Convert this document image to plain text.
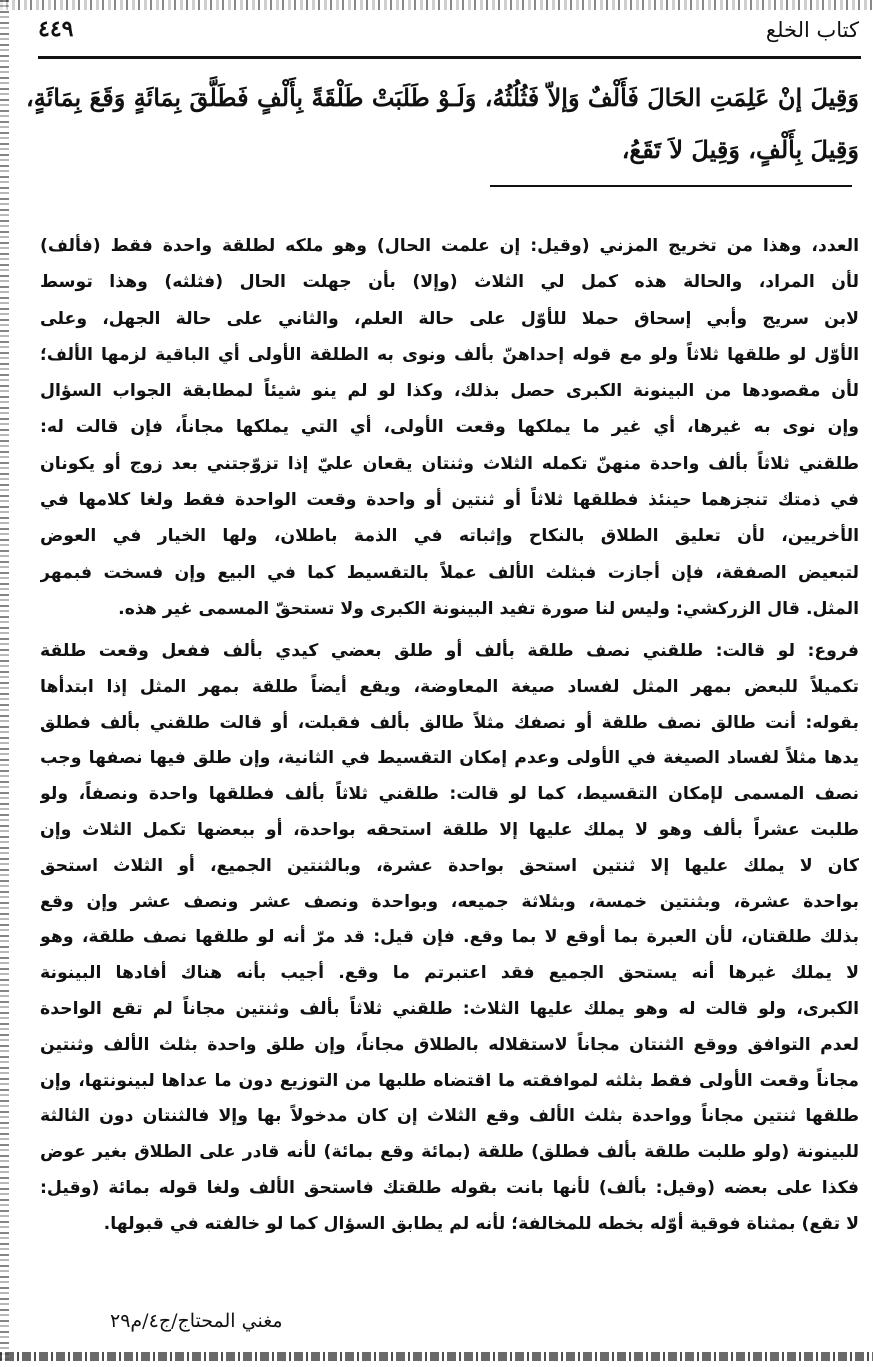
كتاب الخلع
٤٤٩
وَقِيلَ إنْ عَلِمَتِ الحَالَ فَأَلْفٌ وَإلاّ فَثُلُثُهُ، وَلَـوْ طَلَبَتْ طَلْقَةً بِأَلْفٍ فَطَلَّقَ بِمَائَةٍ وَقَعَ بِمَائَةٍ،
وَقِيلَ بِأَلْفٍ، وَقِيلَ لاَ تَقَعُ،
العدد، وهذا من تخريج المزني (وقيل: إن علمت الحال) وهو ملكه لطلقة واحدة فقط (فألف)
لأن المراد، والحالة هذه كمل لي الثلاث (وإلا) بأن جهلت الحال (فثلثه) وهذا توسط
لابن سريج وأبي إسحاق حملا للأوّل على حالة العلم، والثاني على حالة الجهل، وعلى
الأوّل لو طلقها ثلاثاً ولو مع قوله إحداهنّ بألف ونوى به الطلقة الأولى أي الباقية لزمها الألف؛
لأن مقصودها من البينونة الكبرى حصل بذلك، وكذا لو لم ينو شيئاً لمطابقة الجواب السؤال
وإن نوى به غيرها، أي غير ما يملكها وقعت الأولى، أي التي يملكها مجاناً، فإن قالت له:
طلقني ثلاثاً بألف واحدة منهنّ تكمله الثلاث وثنتان يقعان عليّ إذا تزوّجتني بعد زوج أو يكونان
في ذمتك تنجزهما حينئذ فطلقها ثلاثاً أو ثنتين أو واحدة وقعت الواحدة فقط ولغا كلامها في
الأخريين، لأن تعليق الطلاق بالنكاح وإثباته في الذمة باطلان، ولها الخيار في العوض
لتبعيض الصفقة، فإن أجازت فبثلث الألف عملاً بالتقسيط كما في البيع وإن فسخت فبمهر
المثل. قال الزركشي: وليس لنا صورة تفيد البينونة الكبرى ولا تستحقّ المسمى غير هذه.
فروع: لو قالت: طلقني نصف طلقة بألف أو طلق بعضي كيدي بألف ففعل وقعت طلقة
تكميلاً للبعض بمهر المثل لفساد صيغة المعاوضة، ويقع أيضاً طلقة بمهر المثل إذا ابتدأها
بقوله: أنت طالق نصف طلقة أو نصفك مثلاً طالق بألف فقبلت، أو قالت طلقني بألف فطلق
يدها مثلاً لفساد الصيغة في الأولى وعدم إمكان التقسيط في الثانية، وإن طلق فيها نصفها وجب
نصف المسمى لإمكان التقسيط، كما لو قالت: طلقني ثلاثاً بألف فطلقها واحدة ونصفاً، ولو
طلبت عشراً بألف وهو لا يملك عليها إلا طلقة استحقه بواحدة، أو ببعضها تكمل الثلاث وإن
كان لا يملك عليها إلا ثنتين استحق بواحدة عشرة، وبالثنتين الجميع، أو الثلاث استحق
بواحدة عشرة، وبثنتين خمسة، وبثلاثة جميعه، وبواحدة ونصف عشر ونصف عشر وإن وقع
بذلك طلقتان، لأن العبرة بما أوقع لا بما وقع. فإن قيل: قد مرّ أنه لو طلقها نصف طلقة، وهو
لا يملك غيرها أنه يستحق الجميع فقد اعتبرتم ما وقع. أجيب بأنه هناك أفادها البينونة
الكبرى، ولو قالت له وهو يملك عليها الثلاث: طلقني ثلاثاً بألف وثنتين مجاناً لم تقع الواحدة
لعدم التوافق ووقع الثنتان مجاناً لاستقلاله بالطلاق مجاناً، وإن طلق واحدة بثلث الألف وثنتين
مجاناً وقعت الأولى فقط بثلثه لموافقته ما اقتضاه طلبها من التوزيع دون ما عداها لبينونتها، وإن
طلقها ثنتين مجاناً وواحدة بثلث الألف وقع الثلاث إن كان مدخولاً بها وإلا فالثنتان دون الثالثة
للبينونة (ولو طلبت طلقة بألف فطلق) طلقة (بمائة وقع بمائة) لأنه قادر على الطلاق بغير عوض
فكذا على بعضه (وقيل: بألف) لأنها بانت بقوله طلقتك فاستحق الألف ولغا قوله بمائة (وقيل:
لا تقع) بمثناة فوقية أوّله بخطه للمخالفة؛ لأنه لم يطابق السؤال كما لو خالفته في قبولها.
مغني المحتاج/ج٤/م٢٩
